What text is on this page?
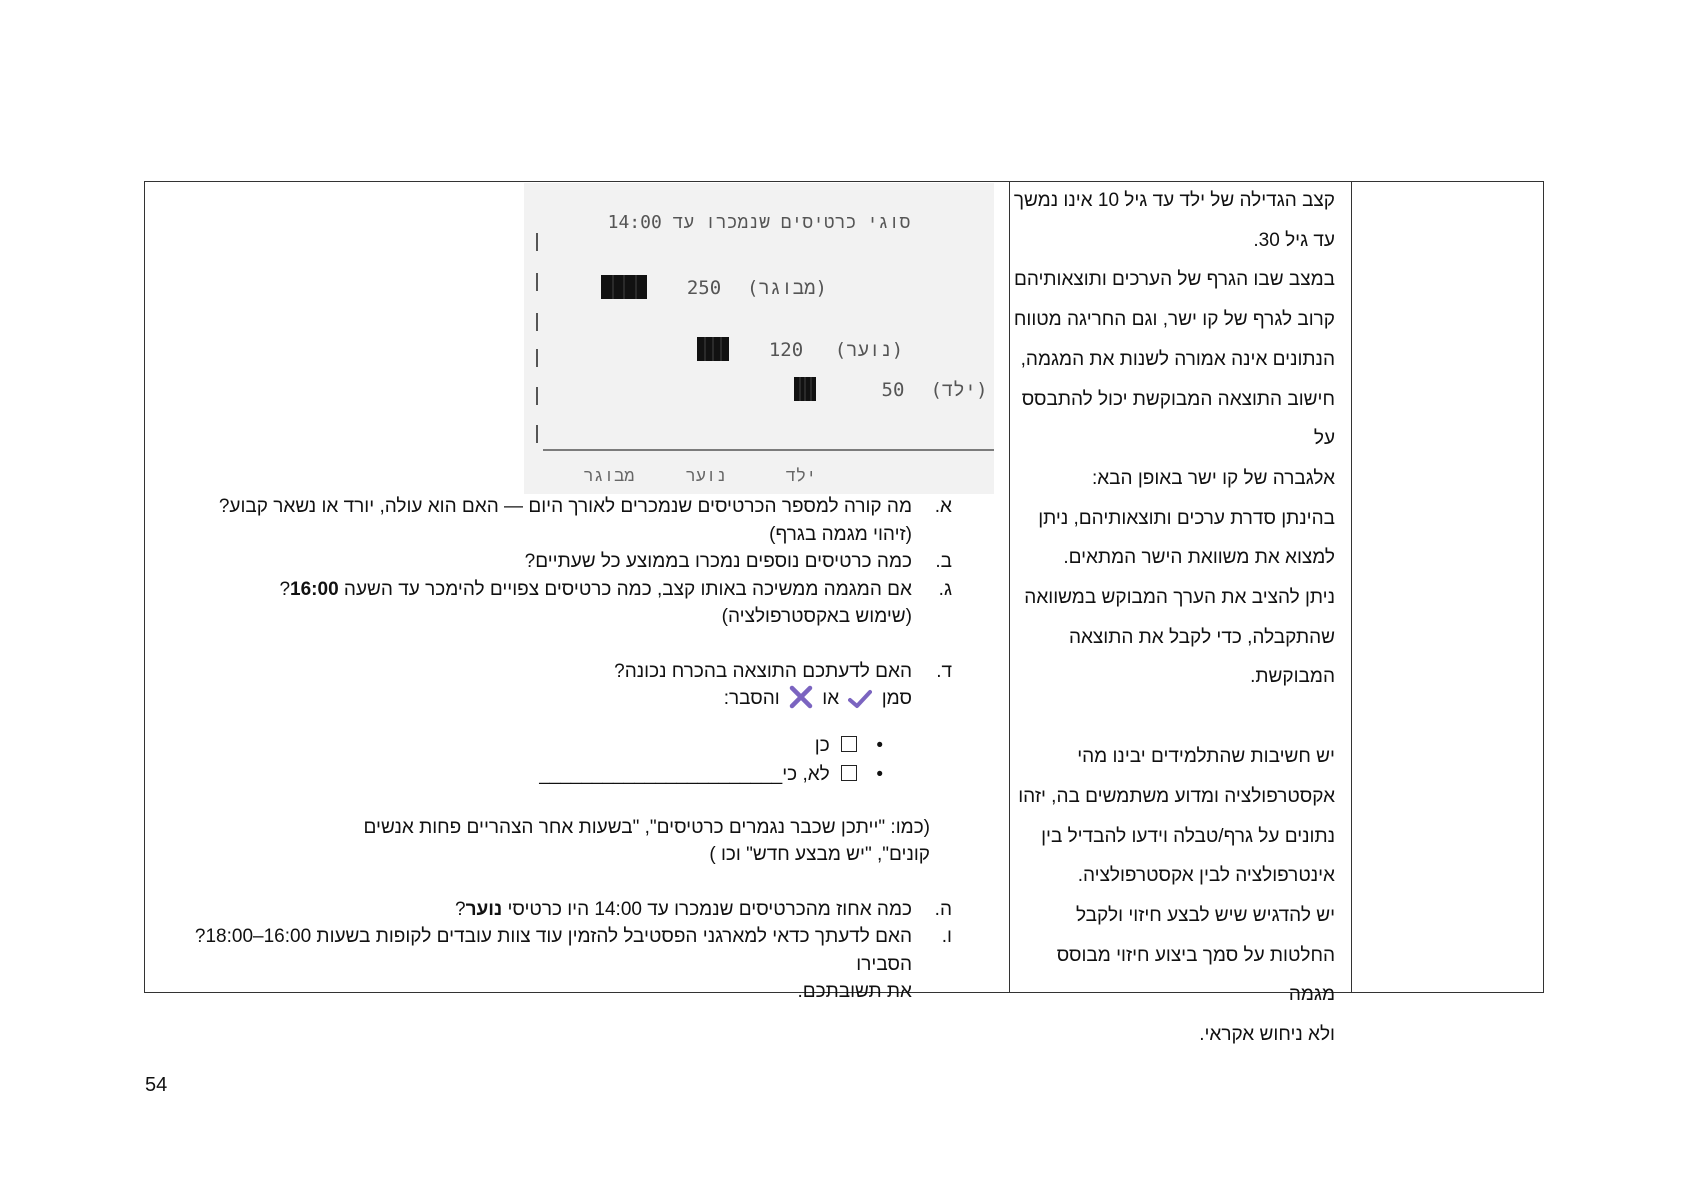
קצב הגדילה של ילד עד גיל 10 אינו נמשך

עד גיל 30.

במצב שבו הגרף של הערכים ותוצאותיהם

קרוב לגרף של קו ישר, וגם החריגה מטווח

הנתונים אינה אמורה לשנות את המגמה,

חישוב התוצאה המבוקשת יכול להתבסס על

אלגברה של קו ישר באופן הבא:

בהינתן סדרת ערכים ותוצאותיהם, ניתן

למצוא את משוואת הישר המתאים.

ניתן להציב את הערך המבוקש במשוואה

שהתקבלה, כדי לקבל את התוצאה

המבוקשת.

יש חשיבות שהתלמידים יבינו מהי

אקסטרפולציה ומדוע משתמשים בה, יזהו

נתונים על גרף/טבלה וידעו להבדיל בין

אינטרפולציה לבין אקסטרפולציה.

יש להדגיש שיש לבצע חיזוי ולקבל

החלטות על סמך ביצוע חיזוי מבוסס מגמה

ולא ניחוש אקראי.

סוגי כרטיסים שנמכרו עד 14:00
250 (מבוגר)
120 (נוער)
50 (ילד)
מבוגר	נוער	ילד
א.
מה קורה למספר הכרטיסים שנמכרים לאורך היום — האם הוא עולה, יורד או נשאר קבוע?
(זיהוי מגמה בגרף)
ב.
כמה כרטיסים נוספים נמכרו בממוצע כל שעתיים?
ג.
אם המגמה ממשיכה באותו קצב, כמה כרטיסים צפויים להימכר עד השעה 16:00?
(שימוש באקסטרפולציה)
ד.
האם לדעתכם התוצאה בהכרח נכונה?
סמן  או  והסבר:
•
כן
•
לא, כי_______________________
(כמו: "ייתכן שכבר נגמרים כרטיסים", "בשעות אחר הצהריים פחות אנשים
קונים", "יש מבצע חדש" וכו )
ה.
כמה אחוז מהכרטיסים שנמכרו עד 14:00 היו כרטיסי נוער?
ו.
האם לדעתך כדאי למארגני הפסטיבל להזמין עוד צוות עובדים לקופות בשעות 16:00–18:00? הסבירו
את תשובתכם.
54
